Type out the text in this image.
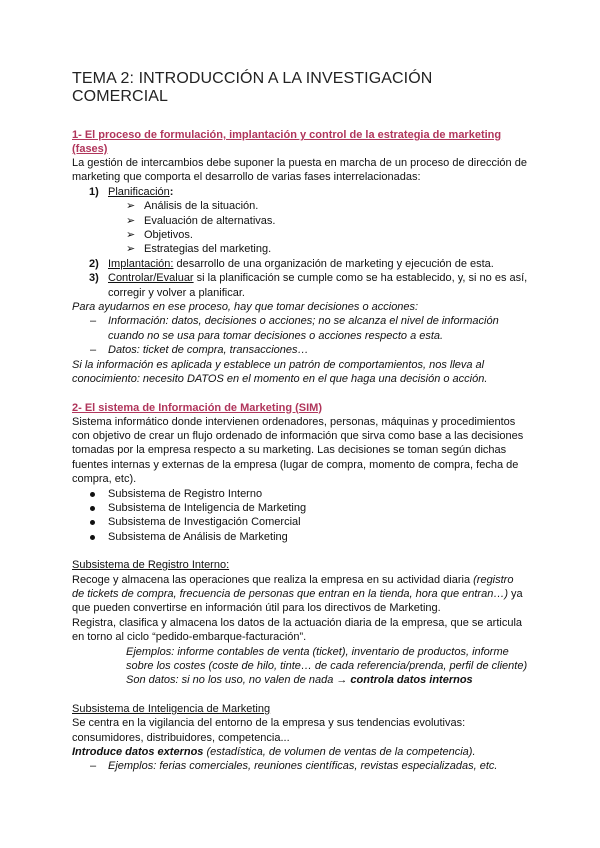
TEMA 2: INTRODUCCIÓN A LA INVESTIGACIÓN COMERCIAL
1- El proceso de formulación, implantación y control de la estrategia de marketing (fases)

La gestión de intercambios debe suponer la puesta en marcha de un proceso de dirección de marketing que comporta el desarrollo de varias fases interrelacionadas:

1) Planificación:
➢ Análisis de la situación.
➢ Evaluación de alternativas.
➢ Objetivos.
➢ Estrategias del marketing.
2) Implantación: desarrollo de una organización de marketing y ejecución de esta.
3) Controlar/Evaluar si la planificación se cumple como se ha establecido, y, si no es así, corregir y volver a planificar.

Para ayudarnos en ese proceso, hay que tomar decisiones o acciones:

– Información: datos, decisiones o acciones; no se alcanza el nivel de información cuando no se usa para tomar decisiones o acciones respecto a esta.
– Datos: ticket de compra, transacciones…

Si la información es aplicada y establece un patrón de comportamientos, nos lleva al conocimiento: necesito DATOS en el momento en el que haga una decisión o acción.

2- El sistema de Información de Marketing (SIM)

Sistema informático donde intervienen ordenadores, personas, máquinas y procedimientos con objetivo de crear un flujo ordenado de información que sirva como base a las decisiones tomadas por la empresa respecto a su marketing. Las decisiones se toman según dichas fuentes internas y externas de la empresa (lugar de compra, momento de compra, fecha de compra, etc).

Subsistema de Registro Interno
Subsistema de Inteligencia de Marketing
Subsistema de Investigación Comercial
Subsistema de Análisis de Marketing

Subsistema de Registro Interno:

Recoge y almacena las operaciones que realiza la empresa en su actividad diaria (registro de tickets de compra, frecuencia de personas que entran en la tienda, hora que entran…) ya que pueden convertirse en información útil para los directivos de Marketing.

Registra, clasifica y almacena los datos de la actuación diaria de la empresa, que se articula en torno al ciclo “pedido-embarque-facturación”.

Ejemplos: informe contables de venta (ticket), inventario de productos, informe sobre los costes (coste de hilo, tinte… de cada referencia/prenda, perfil de cliente)
Son datos: si no los uso, no valen de nada → controla datos internos

Subsistema de Inteligencia de Marketing

Se centra en la vigilancia del entorno de la empresa y sus tendencias evolutivas: consumidores, distribuidores, competencia...

Introduce datos externos (estadística, de volumen de ventas de la competencia).

– Ejemplos: ferias comerciales, reuniones científicas, revistas especializadas, etc.
